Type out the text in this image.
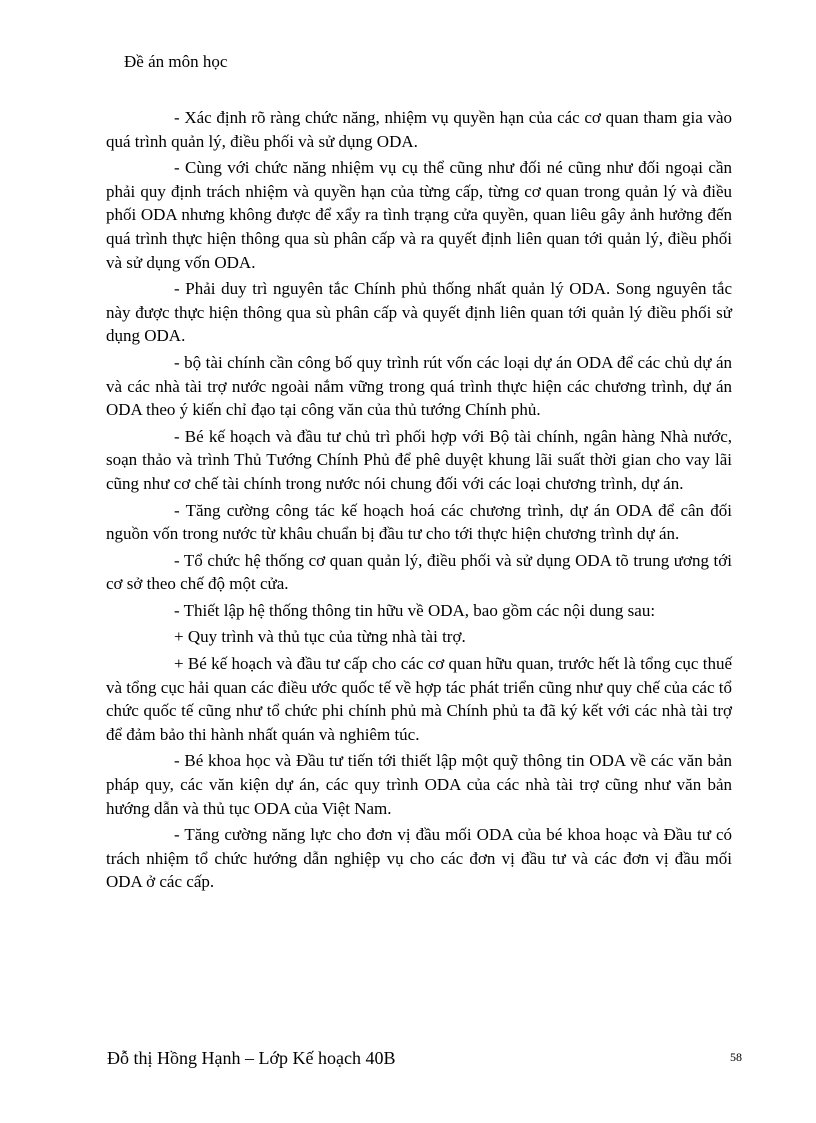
Đề án môn học

- Xác định rõ ràng chức năng, nhiệm vụ quyền hạn của các cơ quan tham gia vào quá trình quản lý, điều phối và sử dụng ODA.

- Cùng với chức năng nhiệm vụ cụ thể cũng như đối né cũng như đối ngoại cần phải quy định trách nhiệm và quyền hạn của từng cấp, từng cơ quan trong quản lý và điều phối ODA nhưng không được để xẩy ra tình trạng cửa quyền, quan liêu gây ảnh hưởng đến quá trình thực hiện thông qua sù phân cấp và ra quyết định liên quan tới quản lý, điều phối và sử dụng vốn ODA.

- Phải duy trì nguyên tắc Chính phủ thống nhất quản lý ODA. Song nguyên tắc này được thực hiện thông qua sù phân cấp và quyết định liên quan tới quản lý điều phối sử dụng ODA.

- bộ tài chính cần công bố quy trình rút vốn các loại dự án ODA để các chủ dự án và các nhà tài trợ nước ngoài nắm vững trong quá trình thực hiện các chương trình, dự án ODA theo ý kiến chỉ đạo tại công văn của thủ tướng Chính phủ.

- Bé kế hoạch và đầu tư chủ trì phối hợp với Bộ tài chính, ngân hàng Nhà nước, soạn thảo và trình Thủ Tướng Chính Phủ để phê duyệt khung lãi suất thời gian cho vay lãi cũng như cơ chế tài chính trong nước nói chung đối với các loại chương trình, dự án.

- Tăng cường công tác kế hoạch hoá các chương trình, dự án ODA để cân đối nguồn vốn trong nước từ khâu chuẩn bị đầu tư cho tới thực hiện chương trình dự án.

- Tổ chức hệ thống cơ quan quản lý, điều phối và sử dụng ODA tõ trung ương tới cơ sở theo chế độ một cửa.

- Thiết lập hệ thống thông tin hữu về ODA, bao gồm các nội dung sau:

+ Quy trình và thủ tục của từng nhà tài trợ.

+ Bé kế hoạch và đầu tư cấp cho các cơ quan hữu quan, trước hết là tổng cục thuế và tổng cục hải quan các điều ước quốc tế về hợp tác phát triển cũng như quy chế của các tổ chức quốc tế cũng như tổ chức phi chính phủ mà Chính phủ ta đã ký kết với các nhà tài trợ để đảm bảo thi hành nhất quán và nghiêm túc.

- Bé khoa học và Đầu tư tiến tới thiết lập một quỹ thông tin ODA về các văn bản pháp quy, các văn kiện dự án, các quy trình ODA của các nhà tài trợ cũng như văn bản hướng dẫn và thủ tục ODA của Việt Nam.

- Tăng cường năng lực cho đơn vị đầu mối ODA của bé khoa hoạc và Đầu tư có trách nhiệm tổ chức hướng dẫn nghiệp vụ cho các đơn vị đầu tư và các đơn vị đầu mối ODA ở các cấp.

Đỗ thị Hồng Hạnh – Lớp Kế hoạch 40B	58
